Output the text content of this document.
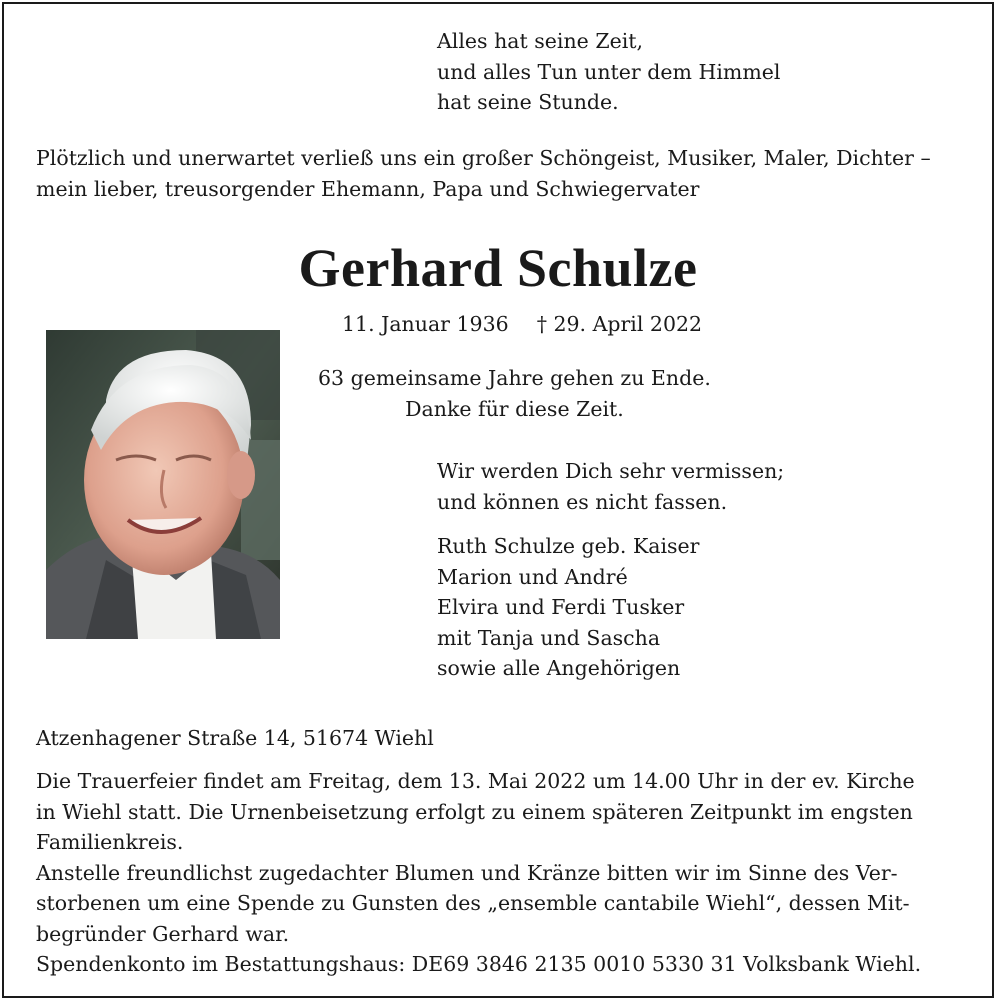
Alles hat seine Zeit,
und alles Tun unter dem Himmel
hat seine Stunde.
Plötzlich und unerwartet verließ uns ein großer Schöngeist, Musiker, Maler, Dichter –
mein lieber, treusorgender Ehemann, Papa und Schwiegervater
Gerhard Schulze
11. Januar 1936 † 29. April 2022
63 gemeinsame Jahre gehen zu Ende.
Danke für diese Zeit.
Wir werden Dich sehr vermissen;
und können es nicht fassen.
Ruth Schulze geb. Kaiser
Marion und André
Elvira und Ferdi Tusker
mit Tanja und Sascha
sowie alle Angehörigen
Atzenhagener Straße 14, 51674 Wiehl
Die Trauerfeier findet am Freitag, dem 13. Mai 2022 um 14.00 Uhr in der ev. Kirche
in Wiehl statt. Die Urnenbeisetzung erfolgt zu einem späteren Zeitpunkt im engsten
Familienkreis.
Anstelle freundlichst zugedachter Blumen und Kränze bitten wir im Sinne des Ver-
storbenen um eine Spende zu Gunsten des „ensemble cantabile Wiehl“, dessen Mit-
begründer Gerhard war.
Spendenkonto im Bestattungshaus: DE69 3846 2135 0010 5330 31 Volksbank Wiehl.
